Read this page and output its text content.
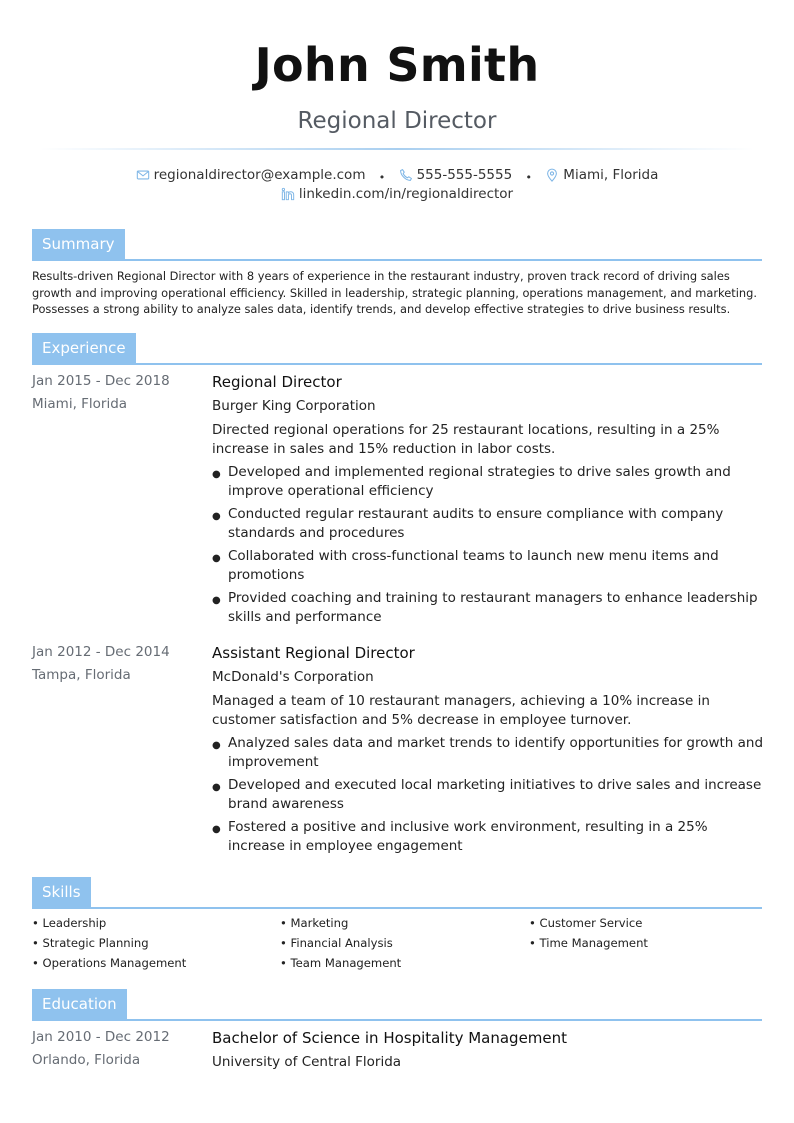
John Smith
Regional Director
regionaldirector@example.com • 555-555-5555 • Miami, Florida
linkedin.com/in/regionaldirector
Summary
Results-driven Regional Director with 8 years of experience in the restaurant industry, proven track record of driving sales growth and improving operational efficiency. Skilled in leadership, strategic planning, operations management, and marketing. Possesses a strong ability to analyze sales data, identify trends, and develop effective strategies to drive business results.
Experience
Jan 2015 - Dec 2018
Miami, Florida
Regional Director
Burger King Corporation
Directed regional operations for 25 restaurant locations, resulting in a 25% increase in sales and 15% reduction in labor costs.
● Developed and implemented regional strategies to drive sales growth and improve operational efficiency
● Conducted regular restaurant audits to ensure compliance with company standards and procedures
● Collaborated with cross-functional teams to launch new menu items and promotions
● Provided coaching and training to restaurant managers to enhance leadership skills and performance
Jan 2012 - Dec 2014
Tampa, Florida
Assistant Regional Director
McDonald's Corporation
Managed a team of 10 restaurant managers, achieving a 10% increase in customer satisfaction and 5% decrease in employee turnover.
● Analyzed sales data and market trends to identify opportunities for growth and improvement
● Developed and executed local marketing initiatives to drive sales and increase brand awareness
● Fostered a positive and inclusive work environment, resulting in a 25% increase in employee engagement
Skills
• Leadership	• Marketing	• Customer Service
• Strategic Planning	• Financial Analysis	• Time Management
• Operations Management	• Team Management
Education
Jan 2010 - Dec 2012
Orlando, Florida
Bachelor of Science in Hospitality Management
University of Central Florida
